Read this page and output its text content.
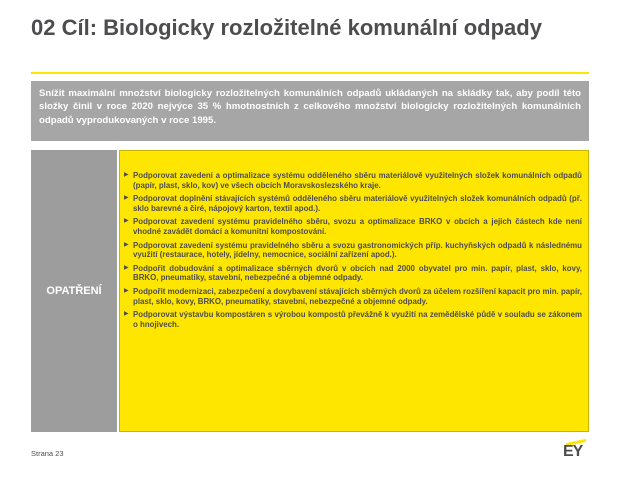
02 Cíl: Biologicky rozložitelné komunální odpady
Snížit maximální množství biologicky rozložitelných komunálních odpadů ukládaných na skládky tak, aby podíl této složky činil v roce 2020 nejvýce 35 % hmotnostních z celkového množství biologicky rozložitelných komunálních odpadů vyprodukovaných v roce 1995.
OPATŘENÍ
▶ Podporovat zavedení a optimalizace systému odděleného sběru materiálově využitelných složek komunálních odpadů (papír, plast, sklo, kov) ve všech obcích Moravskoslezského kraje.
▶ Podporovat doplnění stávajících systémů odděleného sběru materiálově využitelných složek komunálních odpadů (př. sklo barevné a čiré, nápojový karton, textil apod.).
▶ Podporovat zavedení systému pravidelného sběru, svozu a optimalizace BRKO v obcích a jejich částech kde není vhodné zavádět domácí a komunitní kompostování.
▶ Podporovat zavedení systému pravidelného sběru a svozu gastronomických příp. kuchyňských odpadů k následnému využití (restaurace, hotely, jídelny, nemocnice, sociální zařízení apod.).
▶ Podpořit dobudování a optimalizace sběrných dvorů v obcích nad 2000 obyvatel pro min. papír, plast, sklo, kovy, BRKO, pneumatiky, stavební, nebezpečné a objemné odpady.
▶ Podpořit modernizaci, zabezpečení a dovybavení stávajících sběrných dvorů za účelem rozšíření kapacit pro min. papír, plast, sklo, kovy, BRKO, pneumatiky, stavební, nebezpečné a objemné odpady.
▶ Podporovat výstavbu kompostáren s výrobou kompostů převážně k využití na zemědělské půdě v souladu se zákonem o hnojivech.
Strana 23	EY
